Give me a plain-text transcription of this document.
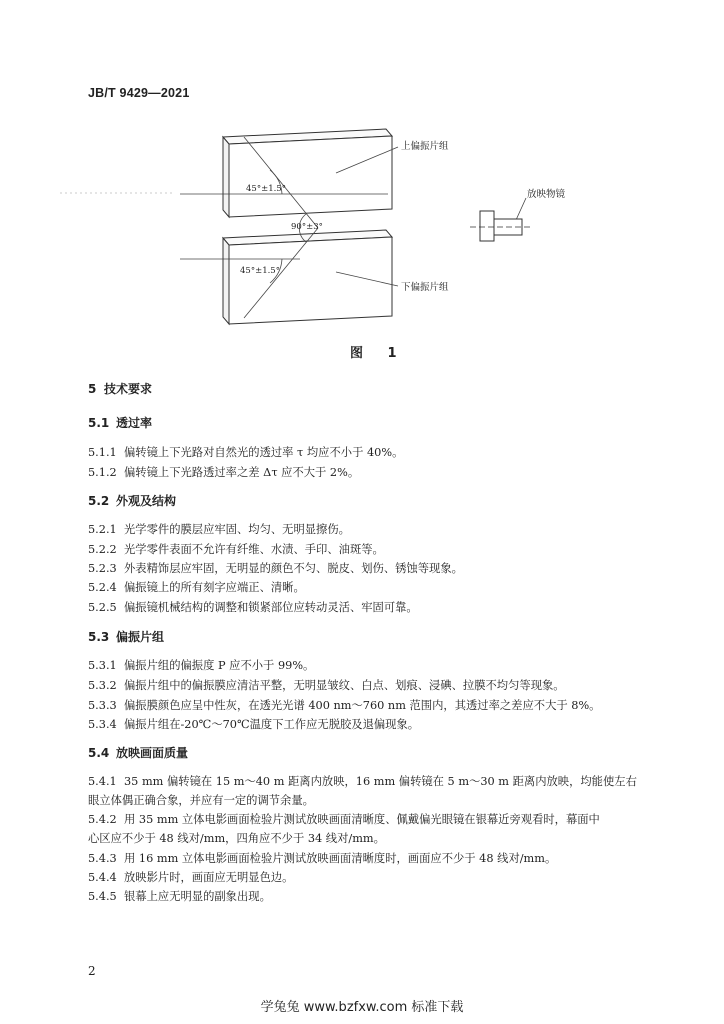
JB/T 9429—2021
45°±1.5°
90°±3°
45°±1.5°
上偏振片组
下偏振片组
放映物镜
图 1
5 技术要求
5.1 透过率
5.1.1 偏转镜上下光路对自然光的透过率 τ 均应不小于 40%。
5.1.2 偏转镜上下光路透过率之差 Δτ 应不大于 2%。
5.2 外观及结构
5.2.1 光学零件的膜层应牢固、均匀、无明显擦伤。
5.2.2 光学零件表面不允许有纤维、水渍、手印、油斑等。
5.2.3 外表精饰层应牢固，无明显的颜色不匀、脱皮、划伤、锈蚀等现象。
5.2.4 偏振镜上的所有刻字应端正、清晰。
5.2.5 偏振镜机械结构的调整和锁紧部位应转动灵活、牢固可靠。
5.3 偏振片组
5.3.1 偏振片组的偏振度 P 应不小于 99%。
5.3.2 偏振片组中的偏振膜应清洁平整，无明显皱纹、白点、划痕、浸碘、拉膜不均匀等现象。
5.3.3 偏振膜颜色应呈中性灰，在透光光谱 400 nm～760 nm 范围内，其透过率之差应不大于 8%。
5.3.4 偏振片组在-20℃～70℃温度下工作应无脱胶及退偏现象。
5.4 放映画面质量
5.4.1 35 mm 偏转镜在 15 m～40 m 距离内放映，16 mm 偏转镜在 5 m～30 m 距离内放映，均能使左右
眼立体偶正确合象，并应有一定的调节余量。
5.4.2 用 35 mm 立体电影画面检验片测试放映画面清晰度、佩戴偏光眼镜在银幕近旁观看时，幕面中
心区应不少于 48 线对/mm，四角应不少于 34 线对/mm。
5.4.3 用 16 mm 立体电影画面检验片测试放映画面清晰度时，画面应不少于 48 线对/mm。
5.4.4 放映影片时，画面应无明显色边。
5.4.5 银幕上应无明显的副象出现。
2
学兔兔 www.bzfxw.com 标准下载
